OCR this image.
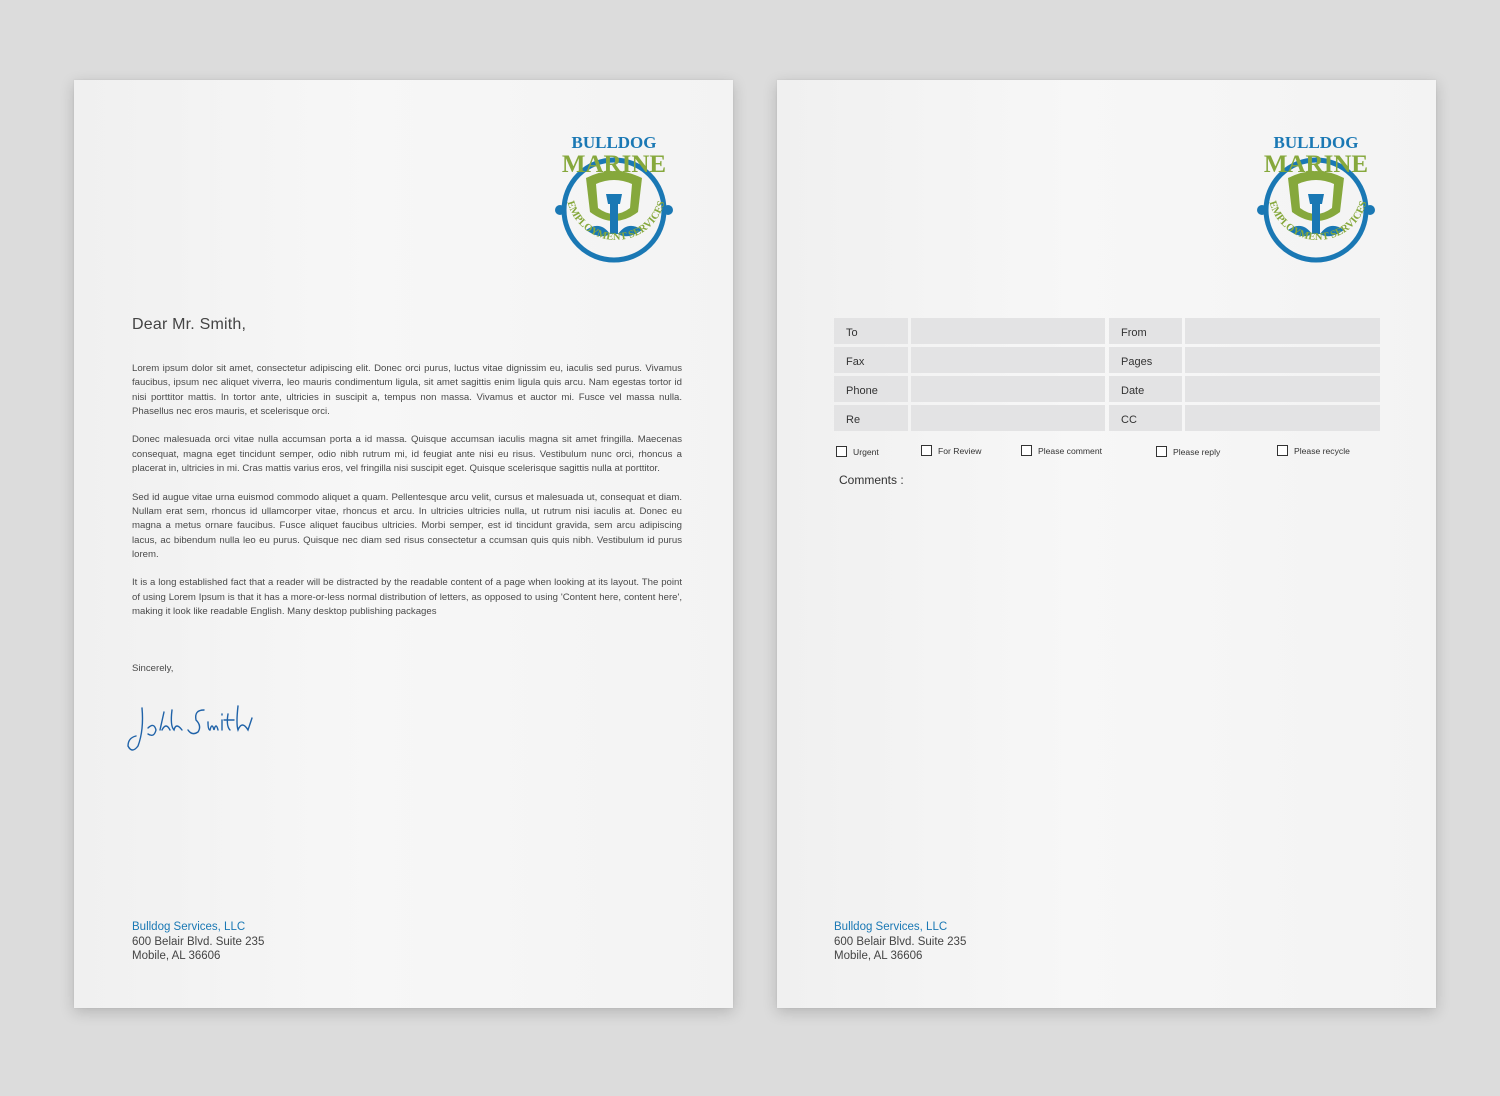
BULLDOG
MARINE
EMPLOYMENT SERVICES
Dear Mr. Smith,

Lorem ipsum dolor sit amet, consectetur adipiscing elit. Donec orci purus, luctus vitae dignissim eu, iaculis sed purus. Vivamus faucibus, ipsum nec aliquet viverra, leo mauris condimentum ligula, sit amet sagittis enim ligula quis arcu. Nam egestas tortor id nisi porttitor mattis. In tortor ante, ultricies in suscipit a, tempus non massa. Vivamus et auctor mi. Fusce vel massa nulla. Phasellus nec eros mauris, et scelerisque orci.

Donec malesuada orci vitae nulla accumsan porta a id massa. Quisque accumsan iaculis magna sit amet fringilla. Maecenas consequat, magna eget tincidunt semper, odio nibh rutrum mi, id feugiat ante nisi eu risus. Vestibulum nunc orci, rhoncus a placerat in, ultricies in mi. Cras mattis varius eros, vel fringilla nisi suscipit eget. Quisque scelerisque sagittis nulla at porttitor.

Sed id augue vitae urna euismod commodo aliquet a quam. Pellentesque arcu velit, cursus et malesuada ut, consequat et diam. Nullam erat sem, rhoncus id ullamcorper vitae, rhoncus et arcu. In ultricies ultricies nulla, ut rutrum nisi iaculis at. Donec eu magna a metus ornare faucibus. Fusce aliquet faucibus ultricies. Morbi semper, est id tincidunt gravida, sem arcu adipiscing lacus, ac bibendum nulla leo eu purus. Quisque nec diam sed risus consectetur a ccumsan quis quis nibh. Vestibulum id purus lorem.

It is a long established fact that a reader will be distracted by the readable content of a page when looking at its layout. The point of using Lorem Ipsum is that it has a more-or-less normal distribution of letters, as opposed to using 'Content here, content here', making it look like readable English. Many desktop publishing packages

Sincerely,
Bulldog Services, LLC
600 Belair Blvd. Suite 235
Mobile, AL 36606
BULLDOG
MARINE
EMPLOYMENT SERVICES
To	From
Fax	Pages
Phone	Date
Re	CC
Urgent	For Review	Please comment	Please reply	Please recycle
Comments :
Bulldog Services, LLC
600 Belair Blvd. Suite 235
Mobile, AL 36606
